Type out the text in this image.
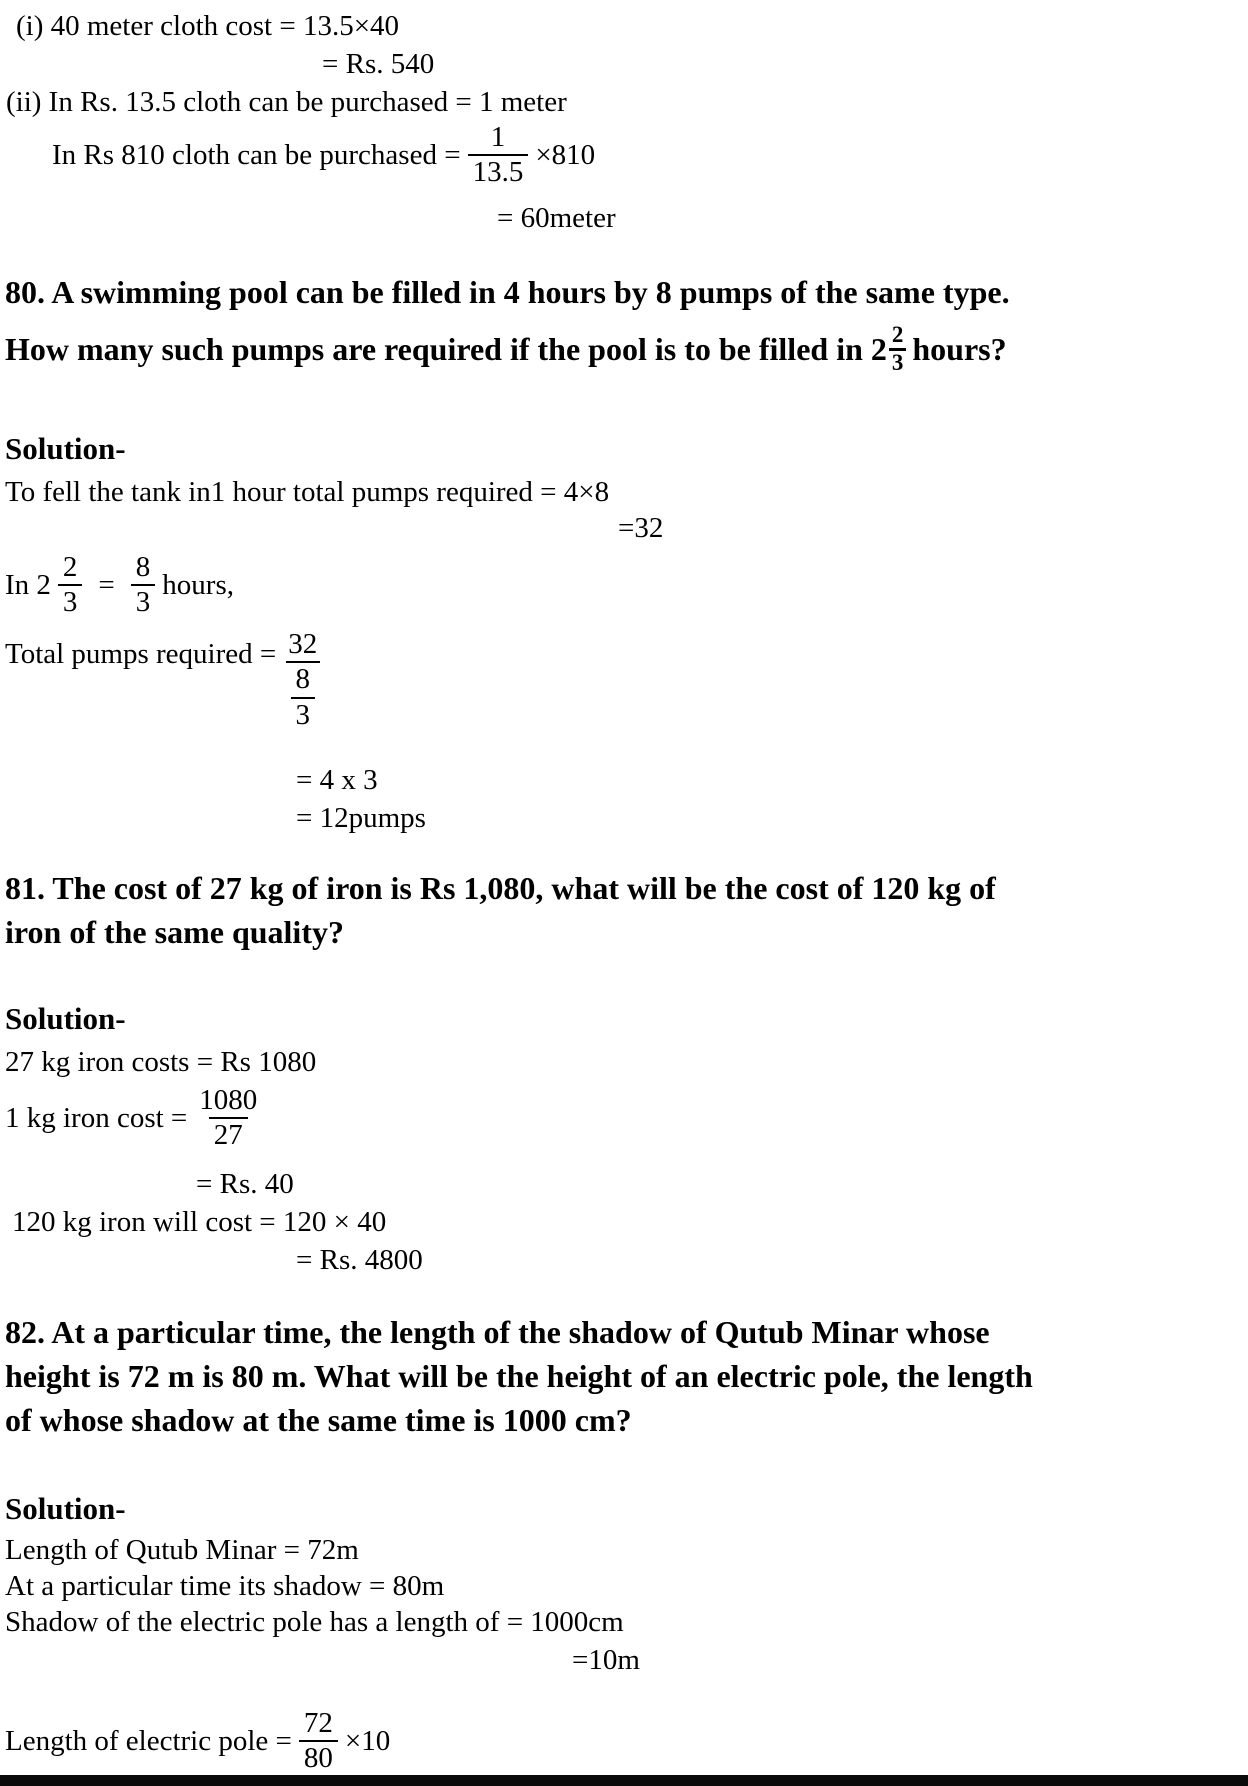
(i) 40 meter cloth cost = 13.5×40
= Rs. 540
(ii) In Rs. 13.5 cloth can be purchased = 1 meter
In Rs 810 cloth can be purchased = $\frac{1}{13.5} \times 810$
= 60meter
80. A swimming pool can be filled in 4 hours by 8 pumps of the same type.
How many such pumps are required if the pool is to be filled in $2 \frac{2}{3}$ hours?
Solution-
To fell the tank in1 hour total pumps required = 4×8
=32
In $2 \frac{2}{3} = \frac{8}{3}$ hours,
Total pumps required = $\frac{32}{\frac{8}{3}}$
= 4 x 3
= 12pumps
81. The cost of 27 kg of iron is Rs 1,080, what will be the cost of 120 kg of
iron of the same quality?
Solution-
27 kg iron costs = Rs 1080
1 kg iron $\cos t = \frac{1080}{27}$
= Rs. 40
120 kg iron will cost = 120 × 40
= Rs. 4800
82. At a particular time, the length of the shadow of Qutub Minar whose
height is 72 m is 80 m. What will be the height of an electric pole, the length
of whose shadow at the same time is 1000 cm?
Solution-
Length of Qutub Minar = 72m
At a particular time its shadow = 80m
Shadow of the electric pole has a length of = 1000cm
=10m
Length of electric pole = $\frac{72}{80} \times 10$
